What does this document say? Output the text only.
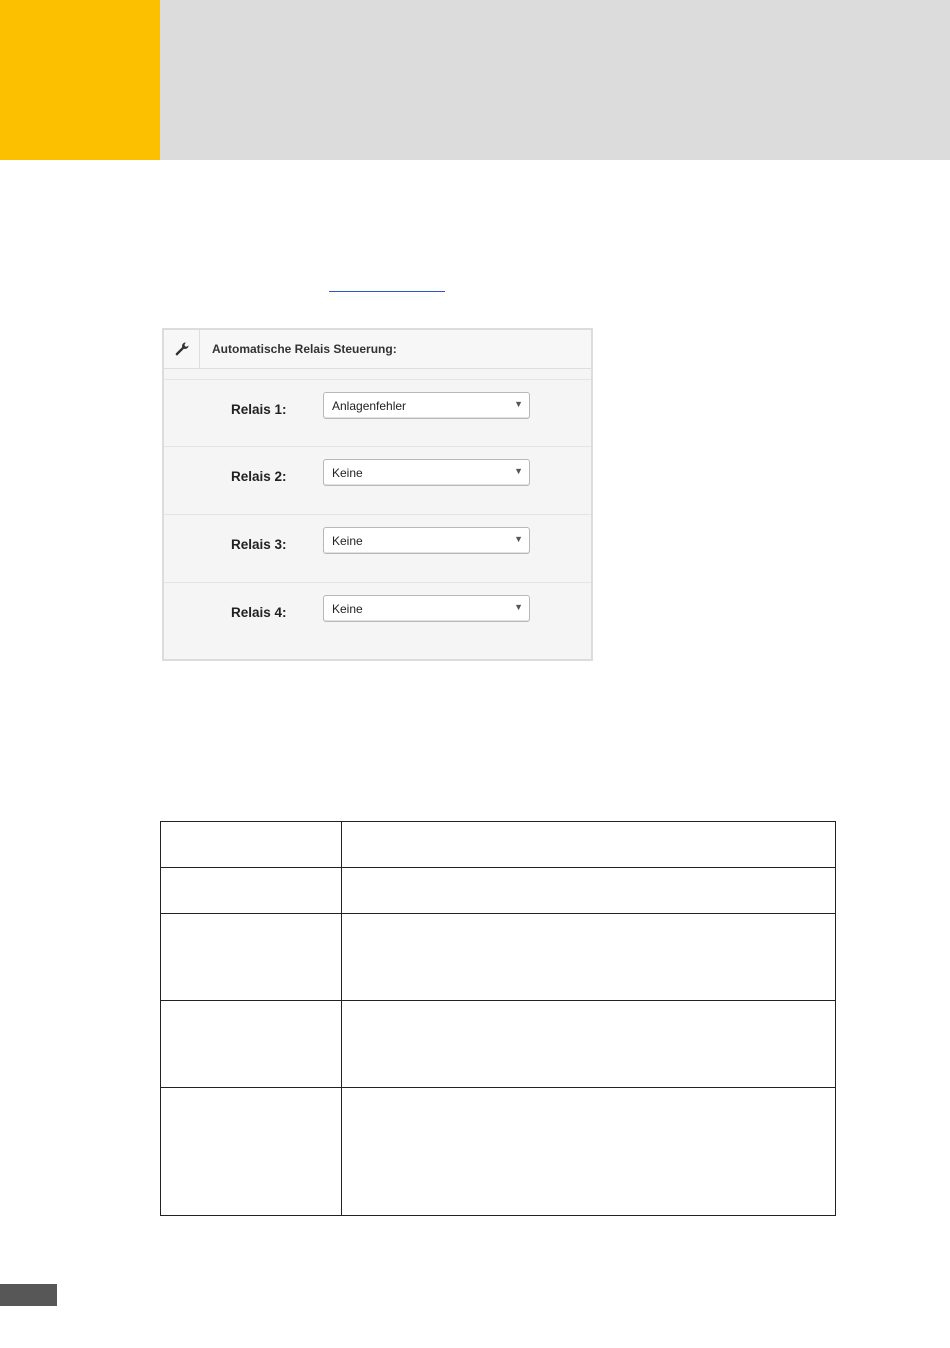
Automatische Relais Steuerung:
Relais 1:	Anlagenfehler	▼
Relais 2:	Keine	▼
Relais 3:	Keine	▼
Relais 4:	Keine	▼
